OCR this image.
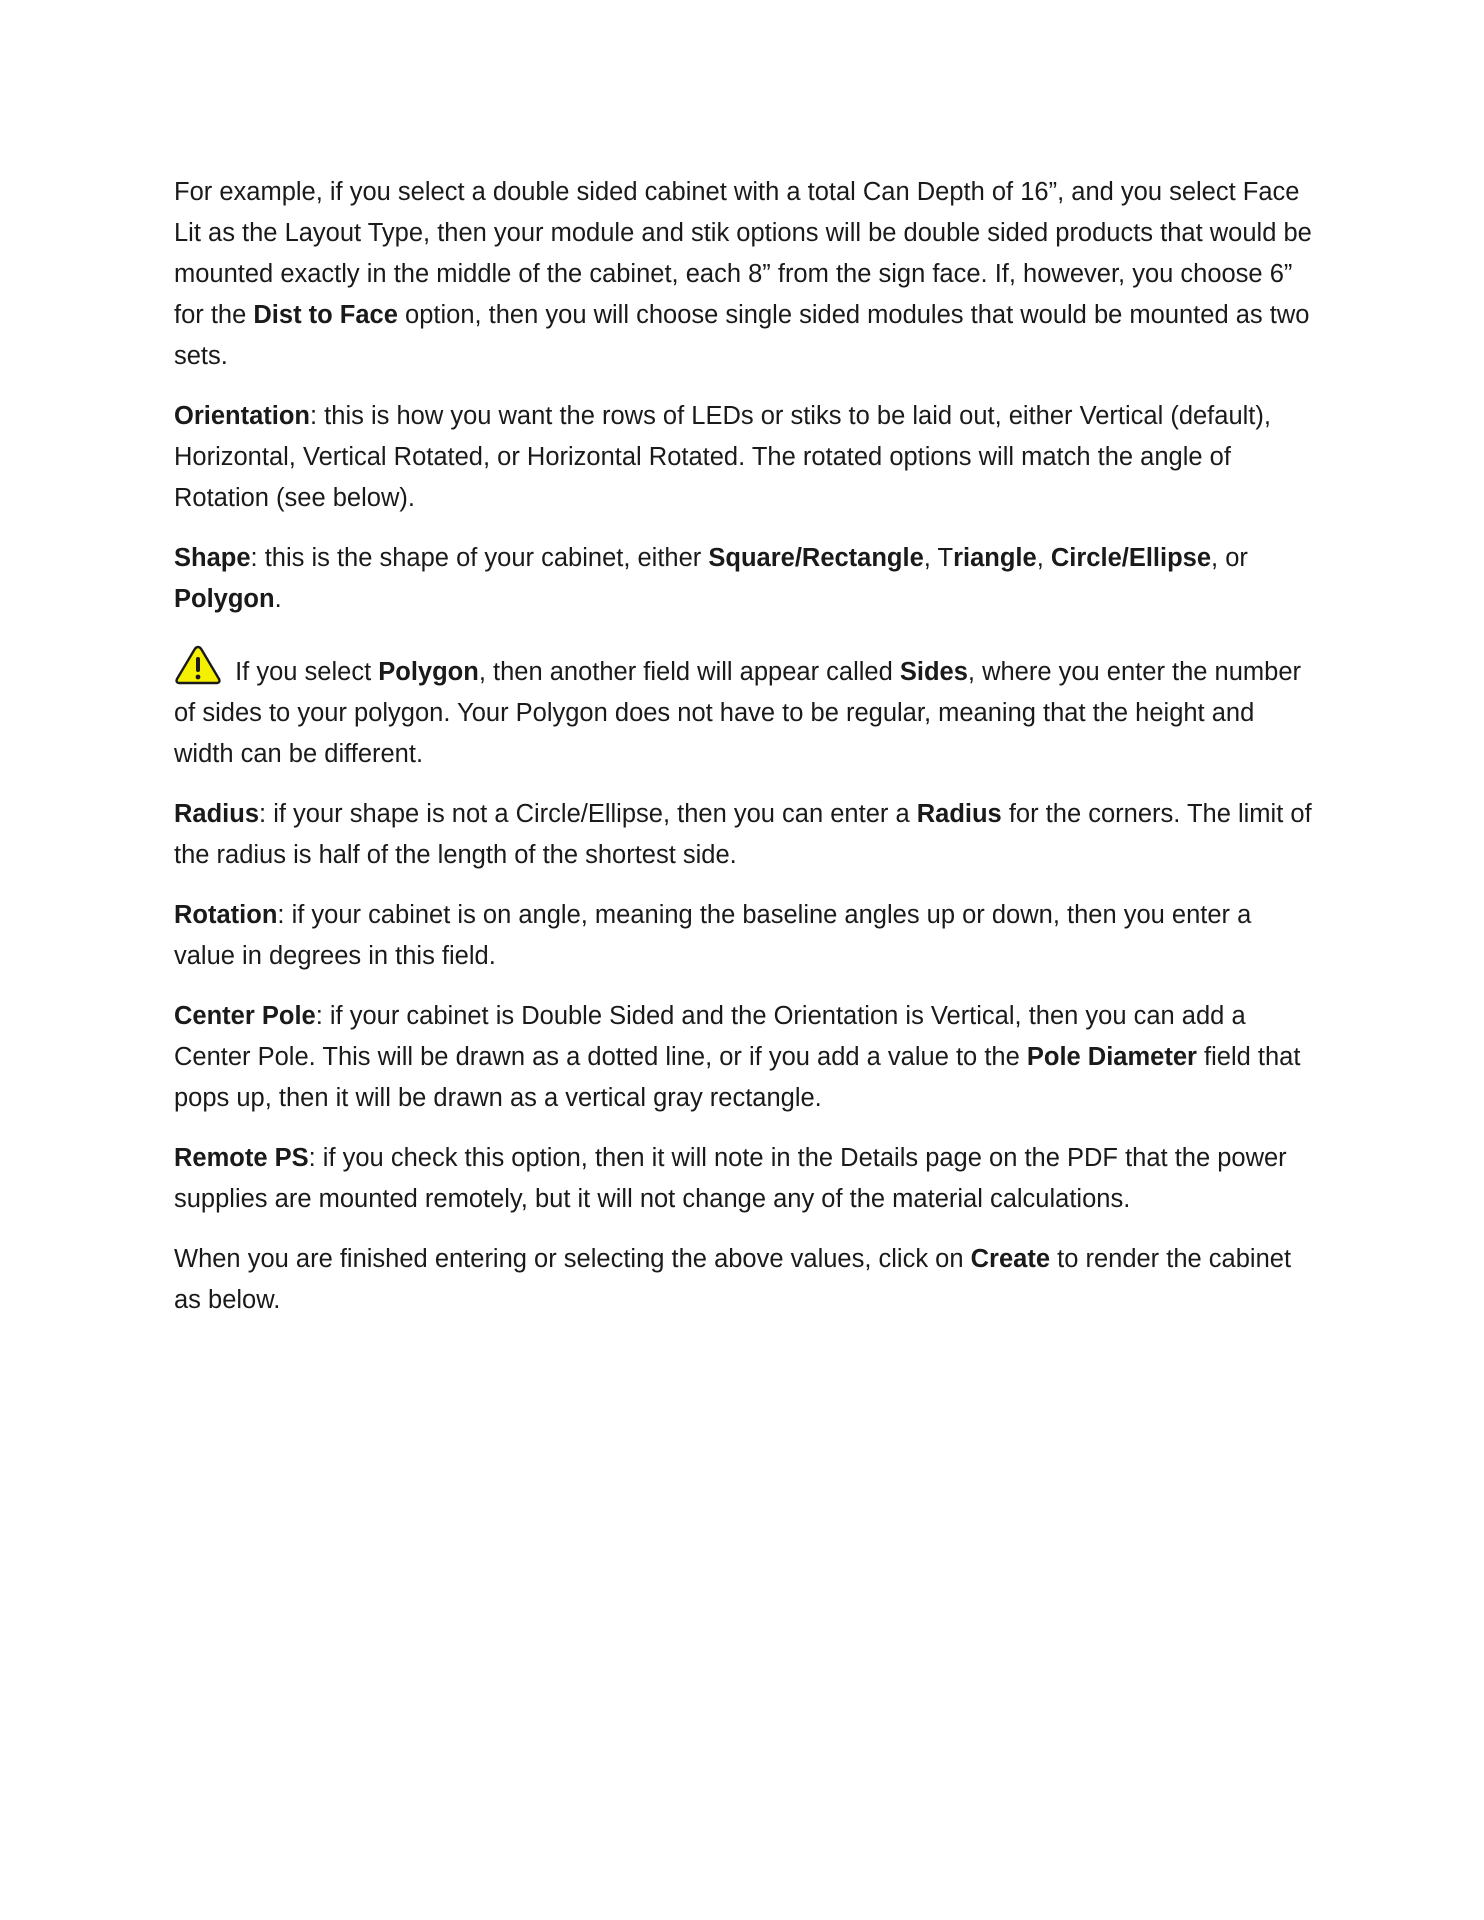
For example, if you select a double sided cabinet with a total Can Depth of 16”, and you select Face Lit as the Layout Type, then your module and stik options will be double sided products that would be mounted exactly in the middle of the cabinet, each 8” from the sign face. If, however, you choose 6” for the Dist to Face option, then you will choose single sided modules that would be mounted as two sets.

Orientation: this is how you want the rows of LEDs or stiks to be laid out, either Vertical (default), Horizontal, Vertical Rotated, or Horizontal Rotated. The rotated options will match the angle of Rotation (see below).

Shape: this is the shape of your cabinet, either Square/Rectangle, Triangle, Circle/Ellipse, or Polygon.

If you select Polygon, then another field will appear called Sides, where you enter the number of sides to your polygon. Your Polygon does not have to be regular, meaning that the height and width can be different.

Radius: if your shape is not a Circle/Ellipse, then you can enter a Radius for the corners. The limit of the radius is half of the length of the shortest side.

Rotation: if your cabinet is on angle, meaning the baseline angles up or down, then you enter a value in degrees in this field.

Center Pole: if your cabinet is Double Sided and the Orientation is Vertical, then you can add a Center Pole. This will be drawn as a dotted line, or if you add a value to the Pole Diameter field that pops up, then it will be drawn as a vertical gray rectangle.

Remote PS: if you check this option, then it will note in the Details page on the PDF that the power supplies are mounted remotely, but it will not change any of the material calculations.

When you are finished entering or selecting the above values, click on Create to render the cabinet as below.
